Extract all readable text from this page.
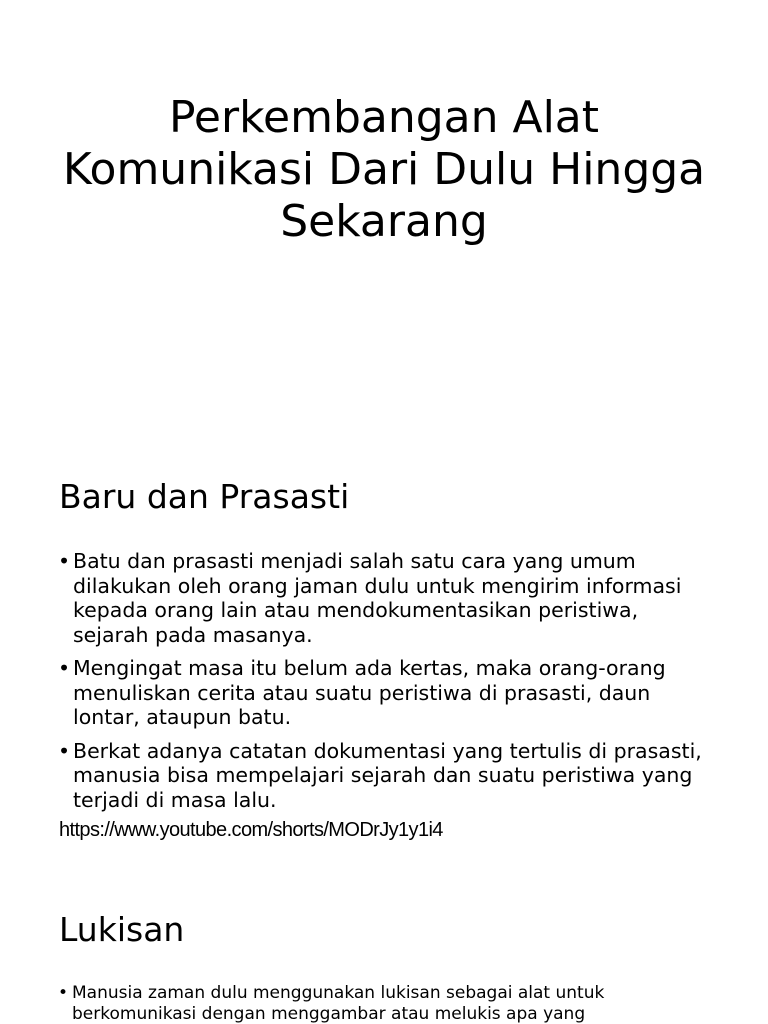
Perkembangan Alat Komunikasi Dari Dulu Hingga Sekarang
Baru dan Prasasti
• Batu dan prasasti menjadi salah satu cara yang umum dilakukan oleh orang jaman dulu untuk mengirim informasi kepada orang lain atau mendokumentasikan peristiwa, sejarah pada masanya.
• Mengingat masa itu belum ada kertas, maka orang-orang menuliskan cerita atau suatu peristiwa di prasasti, daun lontar, ataupun batu.
• Berkat adanya catatan dokumentasi yang tertulis di prasasti, manusia bisa mempelajari sejarah dan suatu peristiwa yang terjadi di masa lalu.
https://www.youtube.com/shorts/MODrJy1y1i4
Lukisan
• Manusia zaman dulu menggunakan lukisan sebagai alat untuk berkomunikasi dengan menggambar atau melukis apa yang
